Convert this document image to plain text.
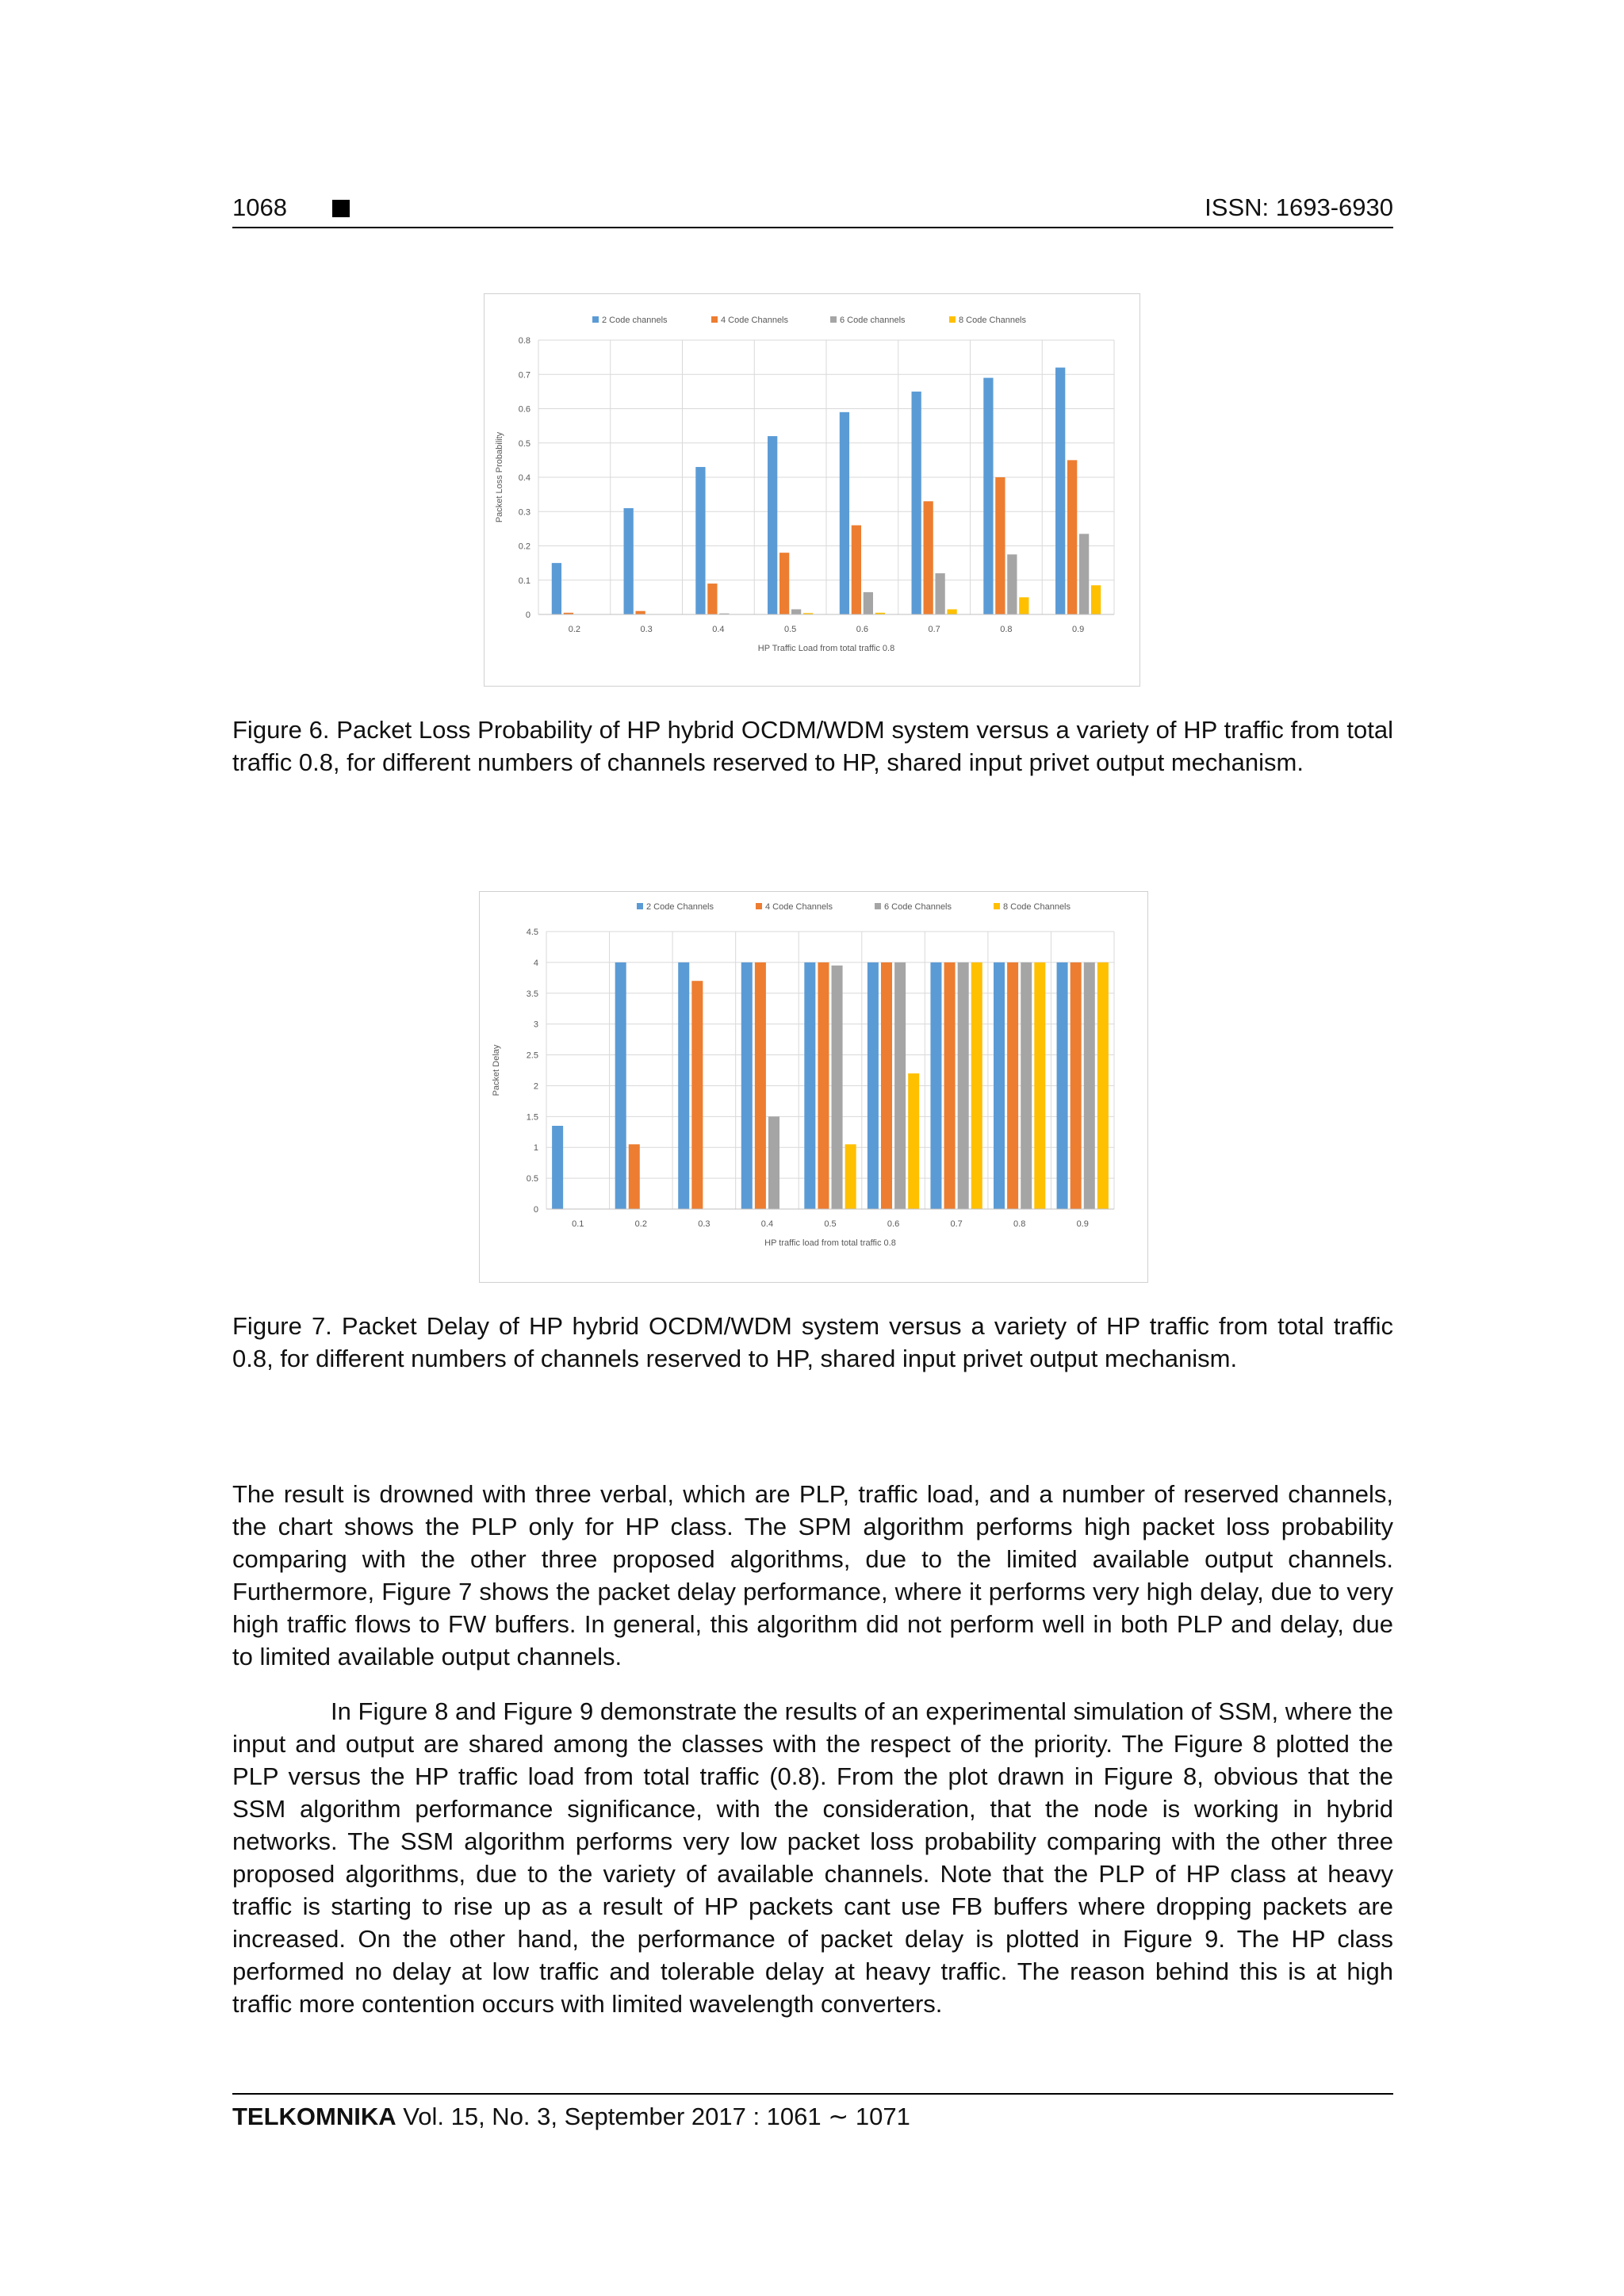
1068	ISSN: 1693-6930
0
0.1
0.2
0.3
0.4
0.5
0.6
0.7
0.8
0.2	0.3	0.4	0.5	0.6	0.7	0.8	0.9
HP Traffic Load from total traffic 0.8
Packet Loss Probability
2 Code channels	4 Code Channels	6 Code channels	8 Code Channels
Figure 6. Packet Loss Probability of HP hybrid OCDM/WDM system versus a variety of HP traffic from total traffic 0.8, for different numbers of channels reserved to HP, shared input privet output mechanism.
0
0.5
1
1.5
2
2.5
3
3.5
4
4.5
0.1	0.2	0.3	0.4	0.5	0.6	0.7	0.8	0.9
HP traffic load from total traffic 0.8
Packet Delay
2 Code Channels	4 Code Channels	6 Code Channels	8 Code Channels
Figure 7. Packet Delay of HP hybrid OCDM/WDM system versus a variety of HP traffic from total traffic 0.8, for different numbers of channels reserved to HP, shared input privet output mechanism.

The result is drowned with three verbal, which are PLP, traffic load, and a number of reserved channels, the chart shows the PLP only for HP class. The SPM algorithm performs high packet loss probability comparing with the other three proposed algorithms, due to the limited available output channels. Furthermore, Figure 7 shows the packet delay performance, where it performs very high delay, due to very high traffic flows to FW buffers. In general, this algorithm did not perform well in both PLP and delay, due to limited available output channels.

In Figure 8 and Figure 9 demonstrate the results of an experimental simulation of SSM, where the input and output are shared among the classes with the respect of the priority. The Figure 8 plotted the PLP versus the HP traffic load from total traffic (0.8). From the plot drawn in Figure 8, obvious that the SSM algorithm performance significance, with the consideration, that the node is working in hybrid networks. The SSM algorithm performs very low packet loss probability comparing with the other three proposed algorithms, due to the variety of available channels. Note that the PLP of HP class at heavy traffic is starting to rise up as a result of HP packets cant use FB buffers where dropping packets are increased. On the other hand, the performance of packet delay is plotted in Figure 9. The HP class performed no delay at low traffic and tolerable delay at heavy traffic. The reason behind this is at high traffic more contention occurs with limited wavelength converters.

TELKOMNIKA Vol. 15, No. 3, September 2017 : 1061 ∼ 1071
